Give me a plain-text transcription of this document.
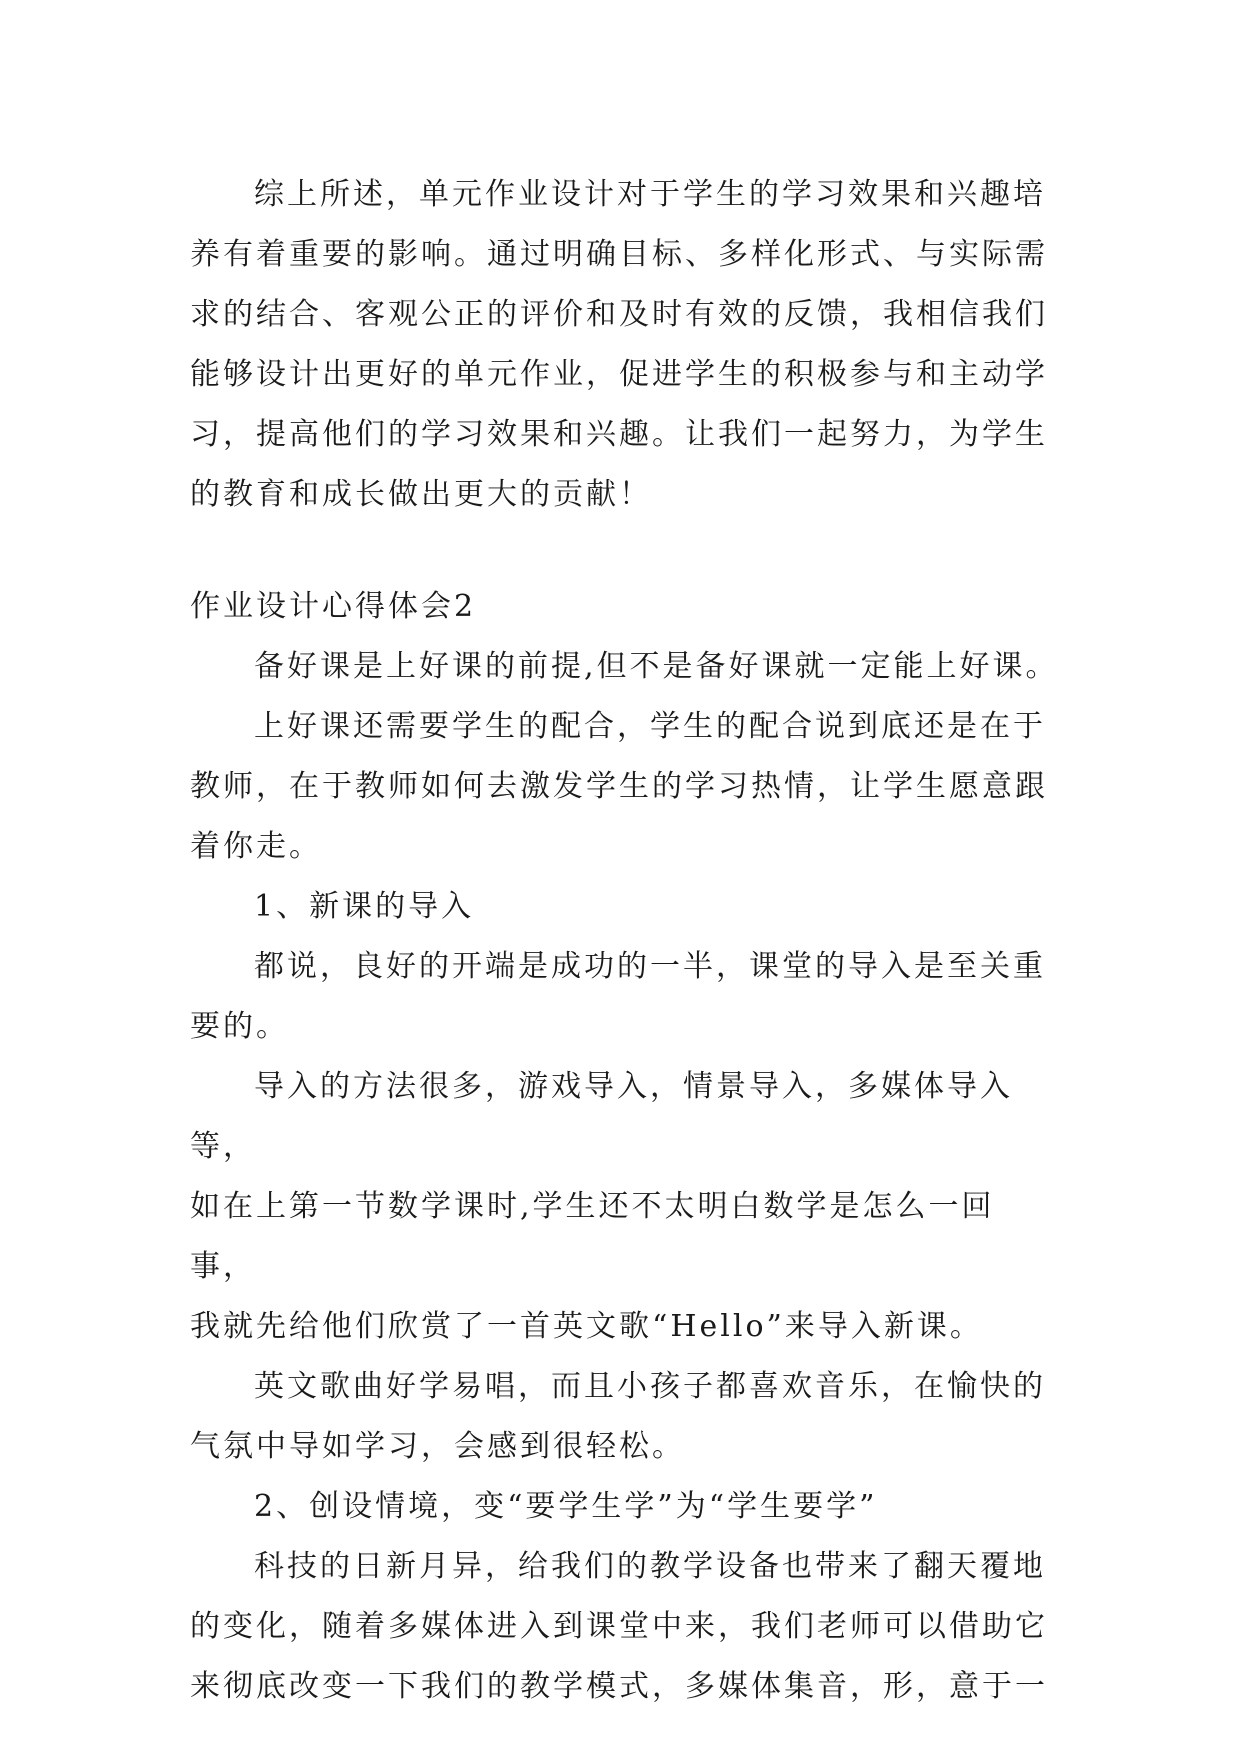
综上所述，单元作业设计对于学生的学习效果和兴趣培
养有着重要的影响。通过明确目标、多样化形式、与实际需
求的结合、客观公正的评价和及时有效的反馈，我相信我们
能够设计出更好的单元作业，促进学生的积极参与和主动学
习，提高他们的学习效果和兴趣。让我们一起努力，为学生
的教育和成长做出更大的贡献！

作业设计心得体会2

备好课是上好课的前提,但不是备好课就一定能上好课。

上好课还需要学生的配合，学生的配合说到底还是在于
教师，在于教师如何去激发学生的学习热情，让学生愿意跟
着你走。

1、新课的导入

都说，良好的开端是成功的一半，课堂的导入是至关重
要的。

导入的方法很多，游戏导入，情景导入，多媒体导入等，
如在上第一节数学课时,学生还不太明白数学是怎么一回事，
我就先给他们欣赏了一首英文歌“Hello”来导入新课。

英文歌曲好学易唱，而且小孩子都喜欢音乐，在愉快的
气氛中导如学习，会感到很轻松。

2、创设情境，变“要学生学”为“学生要学”

科技的日新月异，给我们的教学设备也带来了翻天覆地
的变化，随着多媒体进入到课堂中来，我们老师可以借助它
来彻底改变一下我们的教学模式，多媒体集音，形，意于一
